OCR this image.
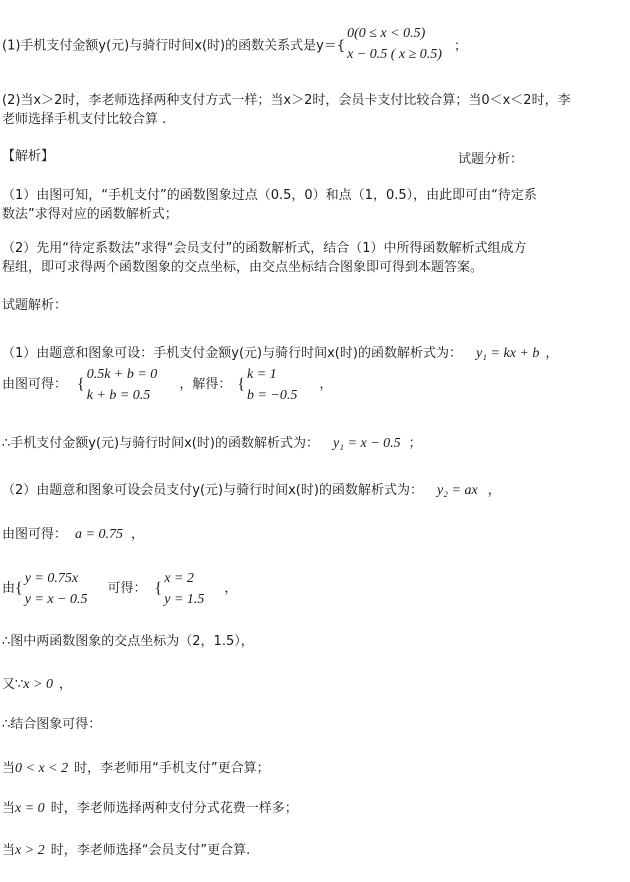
(1)手机支付金额y(元)与骑行时间x(时)的函数关系式是y＝{
0(0 ≤ x < 0.5)
x − 0.5 ( x ≥ 0.5)
；
(2)当x＞2时，李老师选择两种支付方式一样；当x＞2时，会员卡支付比较合算；当0＜x＜2时，李
老师选择手机支付比较合算 .
【解析】	试题分析：
（1）由图可知，“手机支付”的函数图象过点（0.5，0）和点（1，0.5），由此即可由“待定系
数法”求得对应的函数解析式；
（2）先用“待定系数法”求得“会员支付”的函数解析式，结合（1）中所得函数解析式组成方
程组，即可求得两个函数图象的交点坐标，由交点坐标结合图象即可得到本题答案。
试题解析：
（1）由题意和图象可设：手机支付金额y(元)与骑行时间x(时)的函数解析式为： y₁ = kx + b ，
由图可得： {
0.5k + b = 0
k + b = 0.5
，解得： {
k = 1
b = −0.5
，
∴手机支付金额y(元)与骑行时间x(时)的函数解析式为： y₁ = x − 0.5 ；
（2）由题意和图象可设会员支付y(元)与骑行时间x(时)的函数解析式为： y₂ = ax ，
由图可得： a = 0.75 ，
由{
y = 0.75x
y = x − 0.5
可得： {
x = 2
y = 1.5
，
∴图中两函数图象的交点坐标为（2，1.5），
又∵x > 0 ，
∴结合图象可得：
当0 < x < 2 时，李老师用“手机支付”更合算；
当x = 0 时，李老师选择两种支付分式花费一样多；
当x > 2 时，李老师选择“会员支付”更合算.
